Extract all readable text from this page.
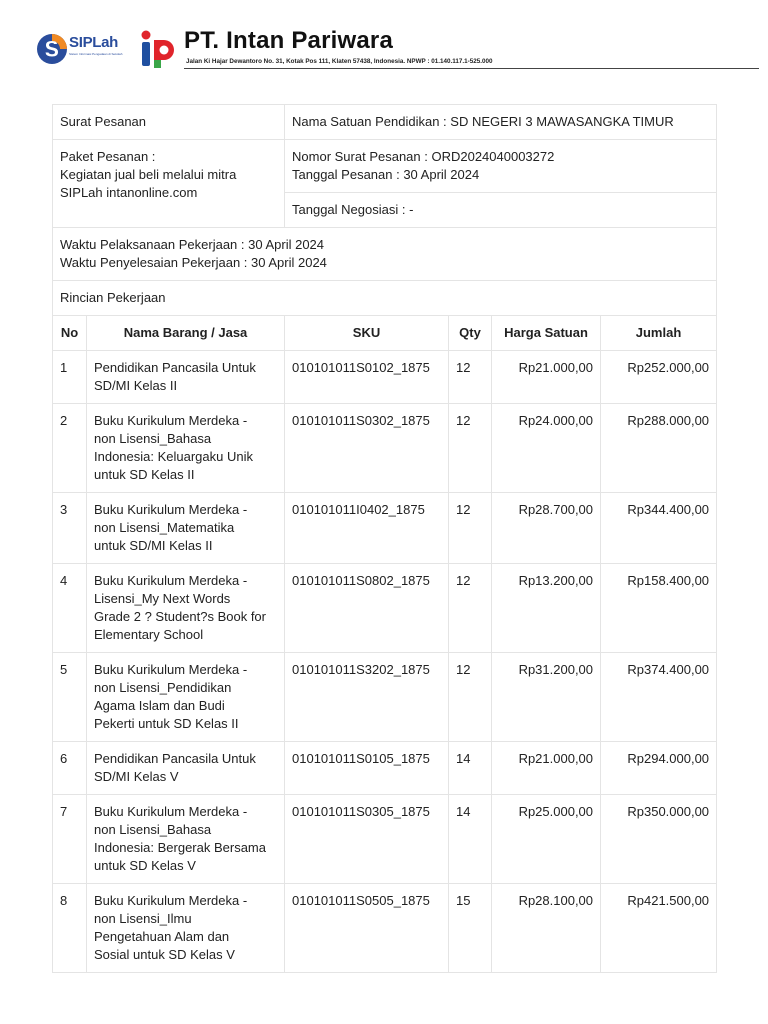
SIPLah
Sistem Informasi Pengadaan di Sekolah	PT. Intan Pariwara
Jalan Ki Hajar Dewantoro No. 31, Kotak Pos 111, Klaten 57438, Indonesia. NPWP : 01.140.117.1-525.000
Surat Pesanan		Nama Satuan Pendidikan : SD NEGERI 3 MAWASANGKA TIMUR			

Paket Pesanan :
Kegiatan jual beli melalui mitra
SIPLah intanonline.com		Nomor Surat Pesanan : ORD2024040003272
Tanggal Pesanan : 30 April 2024			

		Tanggal Negosiasi : -			

Waktu Pelaksanaan Pekerjaan : 30 April 2024
Waktu Penyelesaian Pekerjaan : 30 April 2024					

Rincian Pekerjaan					
No	Nama Barang / Jasa	SKU	Qty	Harga Satuan	Jumlah
1	Pendidikan Pancasila Untuk
SD/MI Kelas II	010101011S0102_1875	12	Rp21.000,00	Rp252.000,00
2	Buku Kurikulum Merdeka -
non Lisensi_Bahasa
Indonesia: Keluargaku Unik
untuk SD Kelas II	010101011S0302_1875	12	Rp24.000,00	Rp288.000,00
3	Buku Kurikulum Merdeka -
non Lisensi_Matematika
untuk SD/MI Kelas II	010101011I0402_1875	12	Rp28.700,00	Rp344.400,00
4	Buku Kurikulum Merdeka -
Lisensi_My Next Words
Grade 2 ? Student?s Book for
Elementary School	010101011S0802_1875	12	Rp13.200,00	Rp158.400,00
5	Buku Kurikulum Merdeka -
non Lisensi_Pendidikan
Agama Islam dan Budi
Pekerti untuk SD Kelas II	010101011S3202_1875	12	Rp31.200,00	Rp374.400,00
6	Pendidikan Pancasila Untuk
SD/MI Kelas V	010101011S0105_1875	14	Rp21.000,00	Rp294.000,00
7	Buku Kurikulum Merdeka -
non Lisensi_Bahasa
Indonesia: Bergerak Bersama
untuk SD Kelas V	010101011S0305_1875	14	Rp25.000,00	Rp350.000,00
8	Buku Kurikulum Merdeka -
non Lisensi_Ilmu
Pengetahuan Alam dan
Sosial untuk SD Kelas V	010101011S0505_1875	15	Rp28.100,00	Rp421.500,00
